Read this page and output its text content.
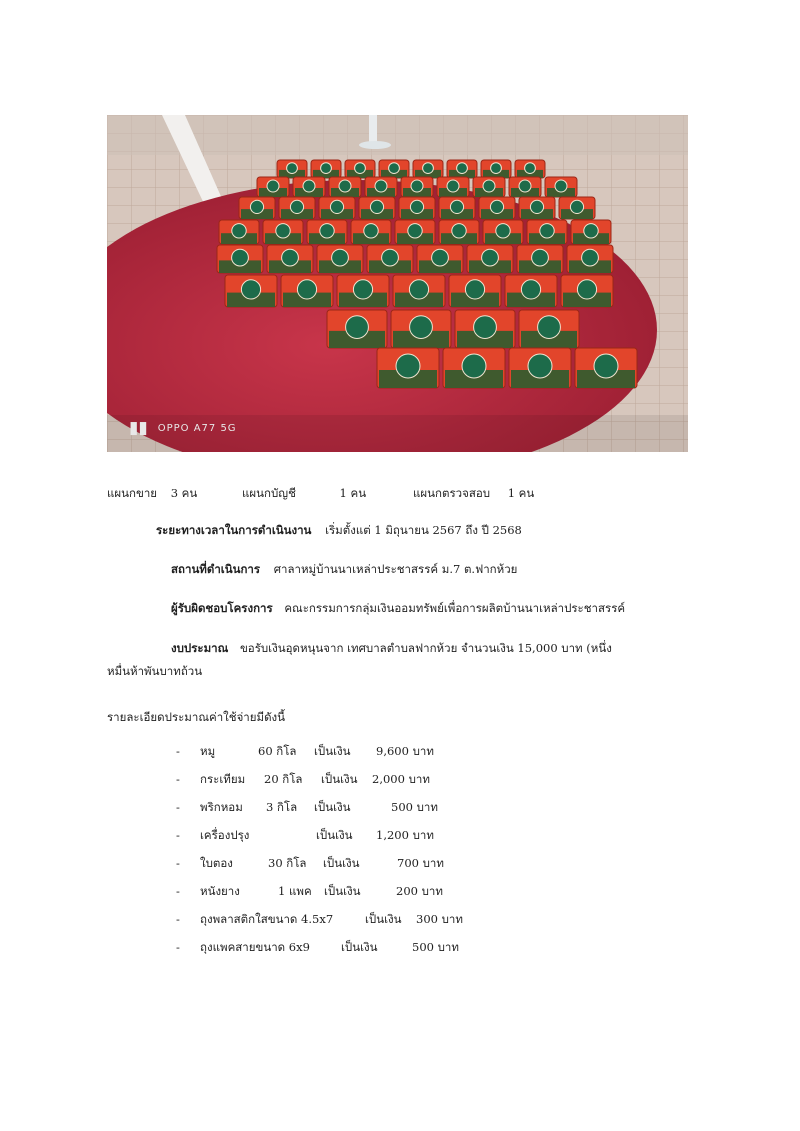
▮▮ OPPO A77 5G
แผนกขาย 3 คน	แผนกบัญชี	1 คน	แผนกตรวจสอบ 1 คน
ระยะทางเวลาในการดำเนินงาน เริ่มตั้งแต่ 1 มิถุนายน 2567 ถึง ปี 2568
สถานที่ดำเนินการ ศาลาหมู่บ้านนาเหล่าประชาสรรค์ ม.7 ต.ฟากห้วย
ผู้รับผิดชอบโครงการ คณะกรรมการกลุ่มเงินออมทรัพย์เพื่อการผลิตบ้านนาเหล่าประชาสรรค์
งบประมาณ ขอรับเงินอุดหนุนจาก เทศบาลตำบลฟากห้วย จำนวนเงิน 15,000 บาท (หนึ่ง
หมื่นห้าพันบาทถ้วน
รายละเอียดประมาณค่าใช้จ่ายมีดังนี้
- หมู	60 กิโล เป็นเงิน 9,600 บาท
- กระเทียม 20 กิโล เป็นเงิน 2,000 บาท
- พริกหอม 3 กิโล เป็นเงิน	500 บาท
- เครื่องปรุง	เป็นเงิน 1,200 บาท
- ใบตอง	30 กิโล เป็นเงิน	700 บาท
- หนังยาง	1 แพค เป็นเงิน	200 บาท
- ถุงพลาสติกใสขนาด 4.5x7	เป็นเงิน 300 บาท
- ถุงแพคสายขนาด 6x9	เป็นเงิน	500 บาท
